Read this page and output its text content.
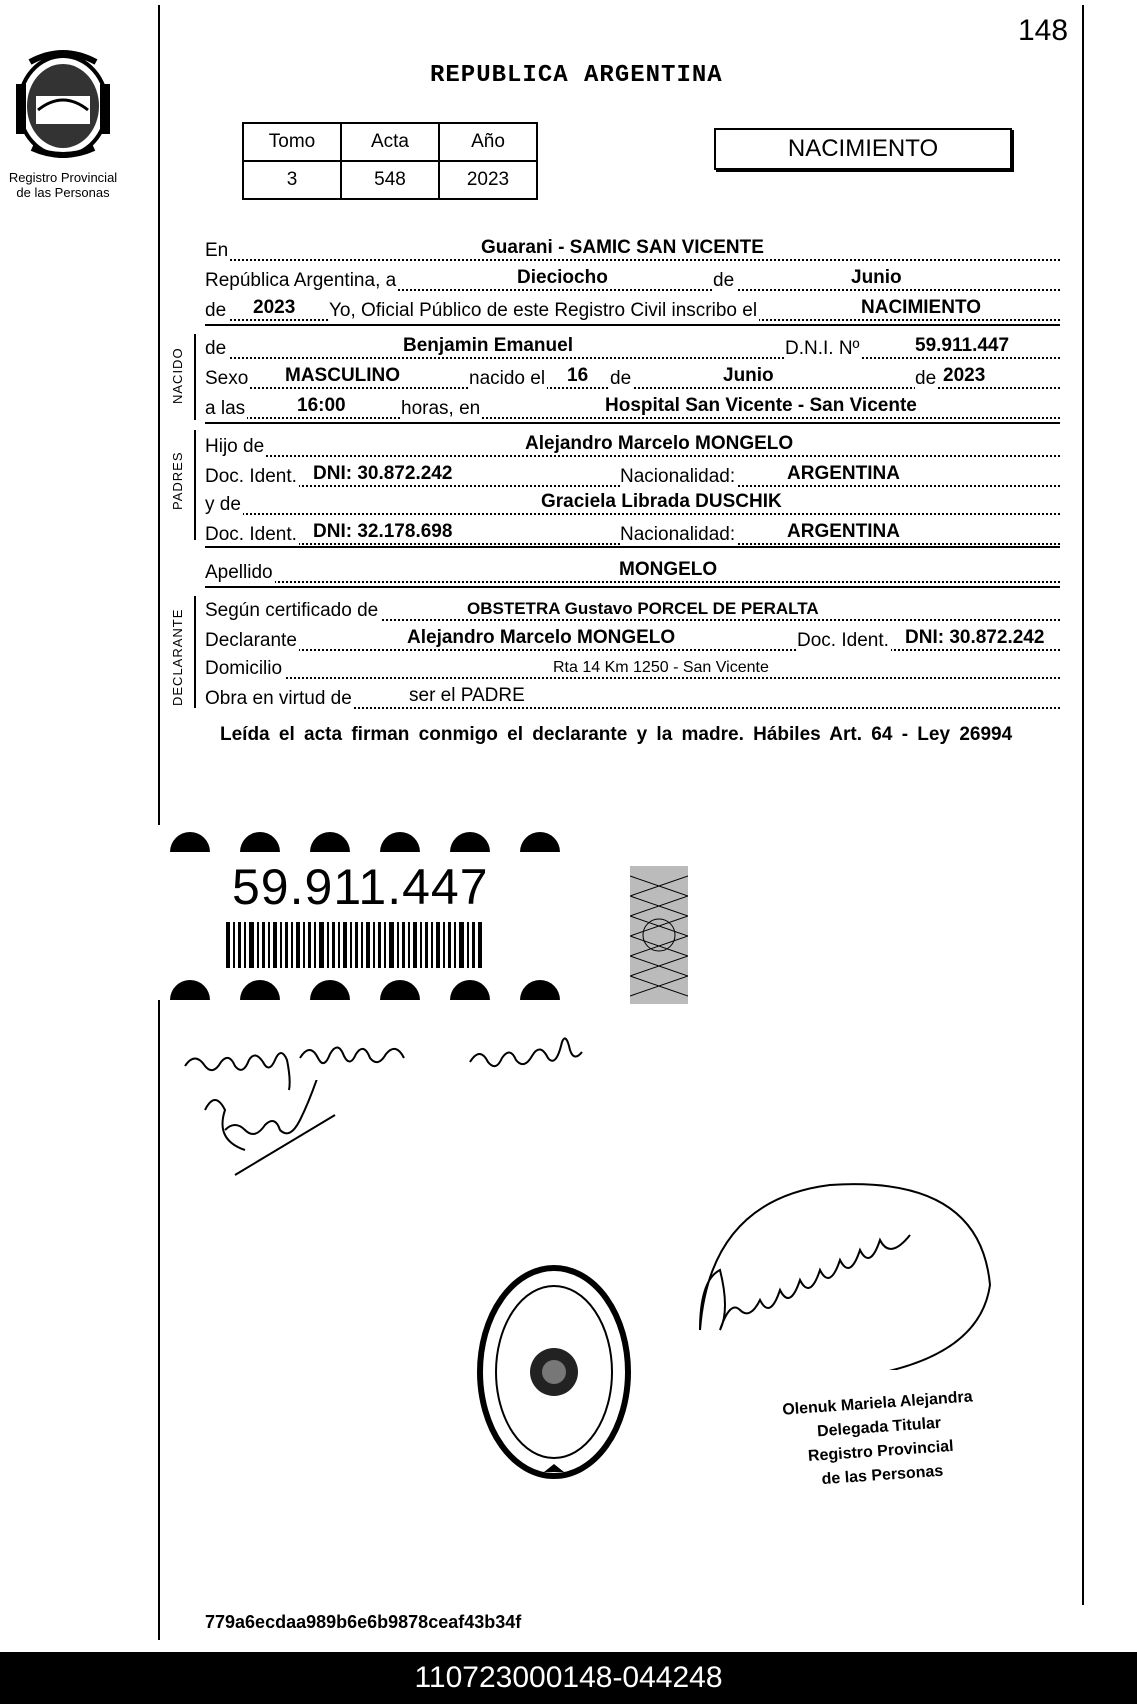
148
REPUBLICA ARGENTINA
Registro Provincial
de las Personas
Tomo	Acta	Año
3	548	2023
NACIMIENTO
En	Guarani - SAMIC SAN VICENTE
República Argentina, a	Dieciocho	de	Junio
de 2023 Yo, Oficial Público de este Registro Civil inscribo el	NACIMIENTO
NACIDO de	Benjamin Emanuel	D.N.I. Nº	59.911.447
Sexo MASCULINO	nacido el 16 de	Junio	de 2023
a las	16:00	horas, en	Hospital San Vicente - San Vicente
PADRES
Hijo de	Alejandro Marcelo MONGELO
Doc. Ident. DNI: 30.872.242	Nacionalidad:	ARGENTINA
y de	Graciela Librada DUSCHIK
Doc. Ident. DNI: 32.178.698	Nacionalidad:	ARGENTINA
Apellido	MONGELO
DECLARANTE Según certificado de	OBSTETRA Gustavo PORCEL DE PERALTA
Declarante	Alejandro Marcelo MONGELO	Doc. Ident. DNI: 30.872.242
Domicilio	Rta 14 Km 1250 - San Vicente
Obra en virtud de	ser el PADRE
Leída el acta firman conmigo el declarante y la madre. Hábiles Art. 64 - Ley 26994
59.911.447
Olenuk Mariela Alejandra
Delegada Titular
Registro Provincial
de las Personas
779a6ecdaa989b6e6b9878ceaf43b34f
110723000148-044248
